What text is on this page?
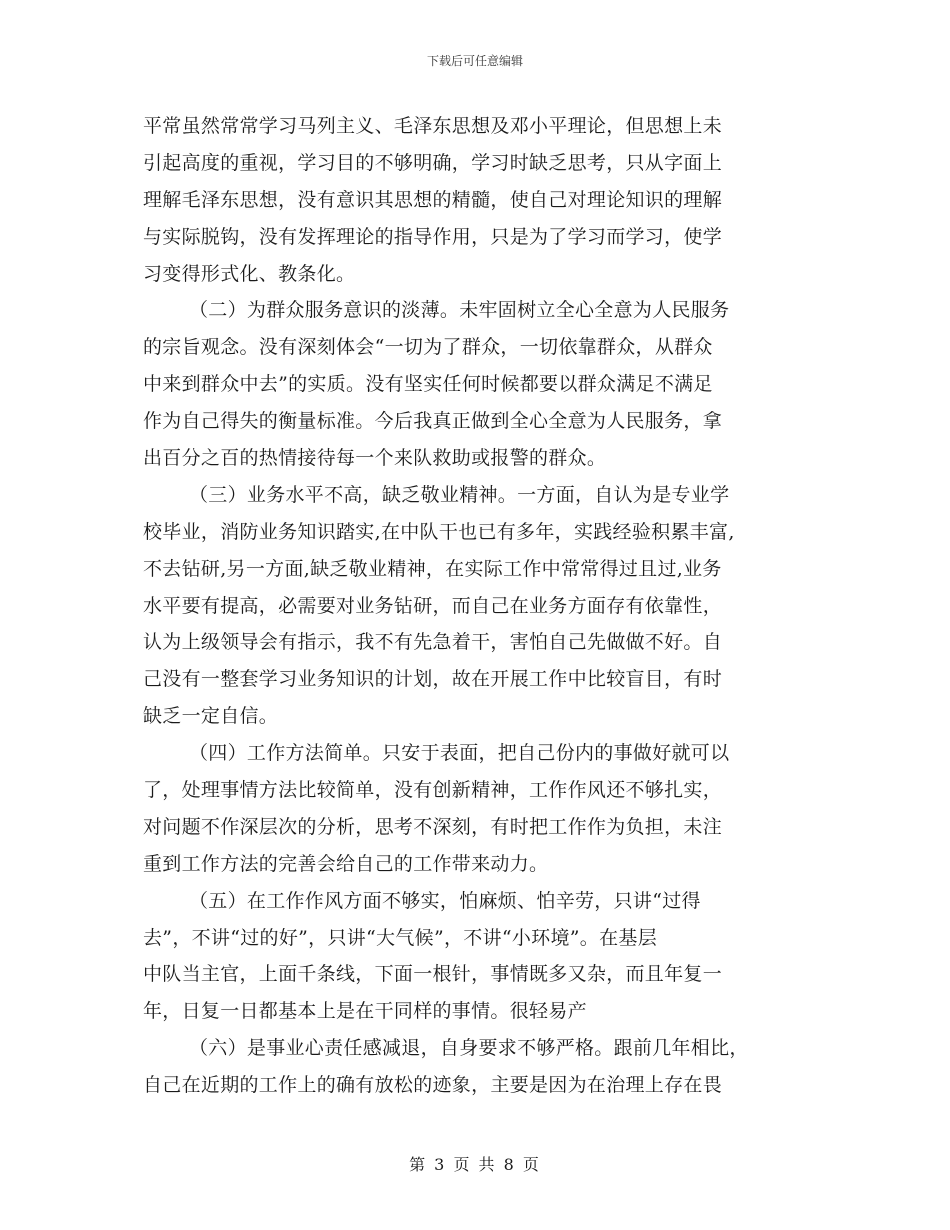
下载后可任意编辑
平常虽然常常学习马列主义、毛泽东思想及邓小平理论，但思想上未
引起高度的重视，学习目的不够明确，学习时缺乏思考，只从字面上
理解毛泽东思想，没有意识其思想的精髓，使自己对理论知识的理解
与实际脱钩，没有发挥理论的指导作用，只是为了学习而学习，使学
习变得形式化、教条化。
（二）为群众服务意识的淡薄。未牢固树立全心全意为人民服务
的宗旨观念。没有深刻体会“一切为了群众，一切依靠群众，从群众
中来到群众中去”的实质。没有坚实任何时候都要以群众满足不满足
作为自己得失的衡量标准。今后我真正做到全心全意为人民服务，拿
出百分之百的热情接待每一个来队救助或报警的群众。
（三）业务水平不高，缺乏敬业精神。一方面，自认为是专业学
校毕业，消防业务知识踏实,在中队干也已有多年，实践经验积累丰富,
不去钻研,另一方面,缺乏敬业精神，在实际工作中常常得过且过,业务
水平要有提高，必需要对业务钻研，而自己在业务方面存有依靠性，
认为上级领导会有指示，我不有先急着干，害怕自己先做做不好。自
己没有一整套学习业务知识的计划，故在开展工作中比较盲目，有时
缺乏一定自信。
（四）工作方法简单。只安于表面，把自己份内的事做好就可以
了，处理事情方法比较简单，没有创新精神，工作作风还不够扎实，
对问题不作深层次的分析，思考不深刻，有时把工作作为负担，未注
重到工作方法的完善会给自己的工作带来动力。
（五）在工作作风方面不够实，怕麻烦、怕辛劳，只讲“过得
去”，不讲“过的好”，只讲“大气候”，不讲“小环境”。在基层
中队当主官，上面千条线，下面一根针，事情既多又杂，而且年复一
年，日复一日都基本上是在干同样的事情。很轻易产
（六）是事业心责任感减退，自身要求不够严格。跟前几年相比，
自己在近期的工作上的确有放松的迹象，主要是因为在治理上存在畏
第 3 页 共 8 页
